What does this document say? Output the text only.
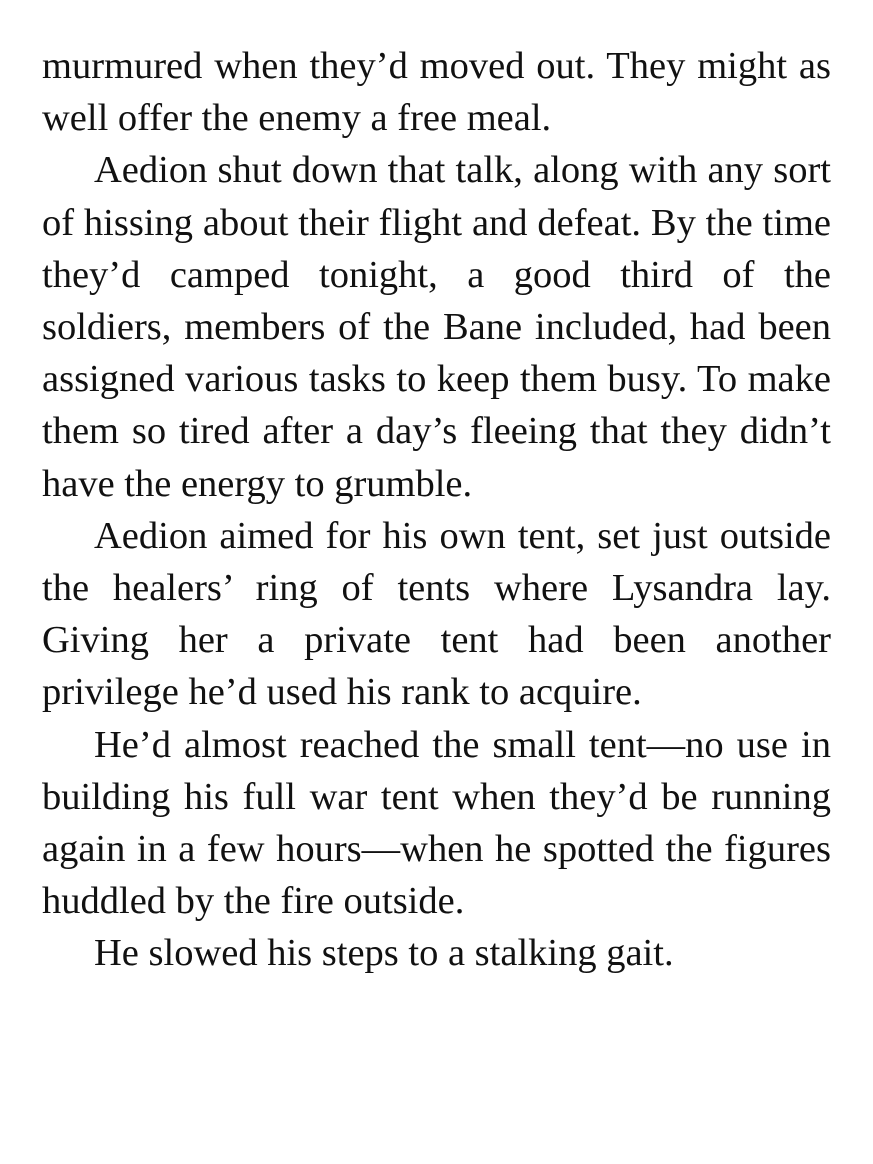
murmured when they’d moved out. They might as well offer the enemy a free meal.

Aedion shut down that talk, along with any sort of hissing about their flight and defeat. By the time they’d camped tonight, a good third of the soldiers, members of the Bane included, had been assigned various tasks to keep them busy. To make them so tired after a day’s fleeing that they didn’t have the energy to grumble.

Aedion aimed for his own tent, set just outside the healers’ ring of tents where Lysandra lay. Giving her a private tent had been another privilege he’d used his rank to acquire.

He’d almost reached the small tent—no use in building his full war tent when they’d be running again in a few hours—when he spotted the figures huddled by the fire outside.

He slowed his steps to a stalking gait.
